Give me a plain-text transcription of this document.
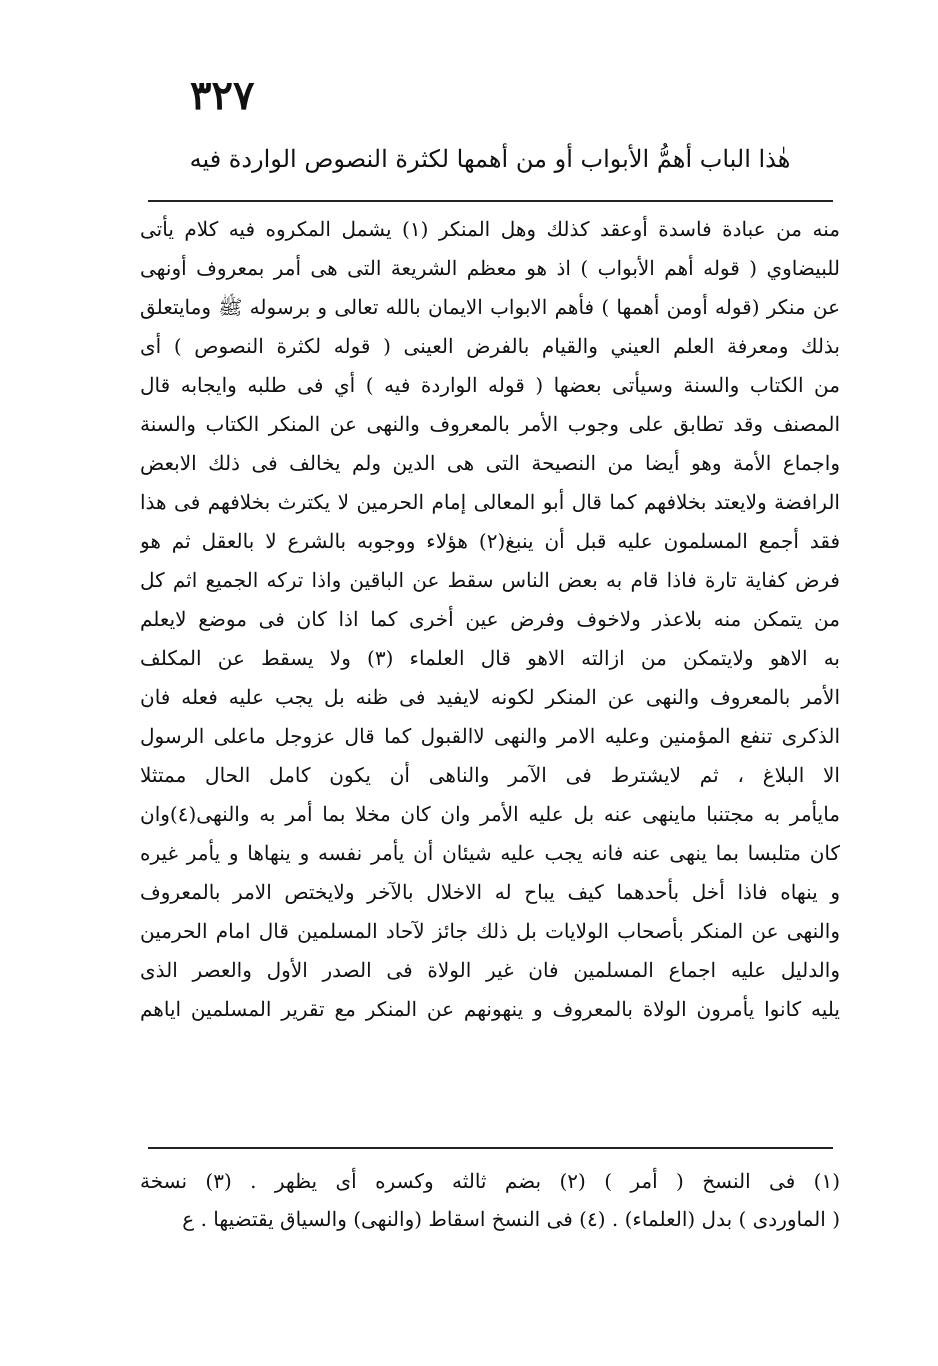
٣٢٧
هٰذا الباب أهمُّ الأبواب أو من أهمها لكثرة النصوص الواردة فيه
منه من عبادة فاسدة أوعقد كذلك وهل المنكر (١) يشمل المكروه فيه كلام يأتى
للبيضاوي ( قوله أهم الأبواب ) اذ هو معظم الشريعة التى هى أمر بمعروف أونهى
عن منكر (قوله أومن أهمها ) فأهم الابواب الايمان بالله تعالى و برسوله ﷺ ومايتعلق
بذلك ومعرفة العلم العيني والقيام بالفرض العينى ( قوله لكثرة النصوص ) أى
من الكتاب والسنة وسيأتى بعضها ( قوله الواردة فيه ) أي فى طلبه وايجابه قال
المصنف وقد تطابق على وجوب الأمر بالمعروف والنهى عن المنكر الكتاب والسنة
واجماع الأمة وهو أيضا من النصيحة التى هى الدين ولم يخالف فى ذلك الابعض
الرافضة ولايعتد بخلافهم كما قال أبو المعالى إمام الحرمين لا يكترث بخلافهم فى هذا
فقد أجمع المسلمون عليه قبل أن ينبغ(٢) هؤلاء ووجوبه بالشرع لا بالعقل ثم هو
فرض كفاية تارة فاذا قام به بعض الناس سقط عن الباقين واذا تركه الجميع اثم كل
من يتمكن منه بلاعذر ولاخوف وفرض عين أخرى كما اذا كان فى موضع لايعلم
به الاهو ولايتمكن من ازالته الاهو قال العلماء (٣) ولا يسقط عن المكلف
الأمر بالمعروف والنهى عن المنكر لكونه لايفيد فى ظنه بل يجب عليه فعله فان
الذكرى تنفع المؤمنين وعليه الامر والنهى لاالقبول كما قال عزوجل ماعلى الرسول
الا البلاغ ، ثم لايشترط فى الآمر والناهى أن يكون كامل الحال ممتثلا
مايأمر به مجتنبا ماينهى عنه بل عليه الأمر وان كان مخلا بما أمر به والنهى(٤)وان
كان متلبسا بما ينهى عنه فانه يجب عليه شيئان أن يأمر نفسه و ينهاها و يأمر غيره
و ينهاه فاذا أخل بأحدهما كيف يباح له الاخلال بالآخر ولايختص الامر بالمعروف
والنهى عن المنكر بأصحاب الولايات بل ذلك جائز لآحاد المسلمين قال امام الحرمين
والدليل عليه اجماع المسلمين فان غير الولاة فى الصدر الأول والعصر الذى
يليه كانوا يأمرون الولاة بالمعروف و ينهونهم عن المنكر مع تقرير المسلمين اياهم
(١) فى النسخ ( أمر ) (٢) بضم ثالثه وكسره أى يظهر . (٣) نسخة
( الماوردى ) بدل (العلماء) . (٤) فى النسخ اسقاط (والنهى) والسياق يقتضيها . ع
